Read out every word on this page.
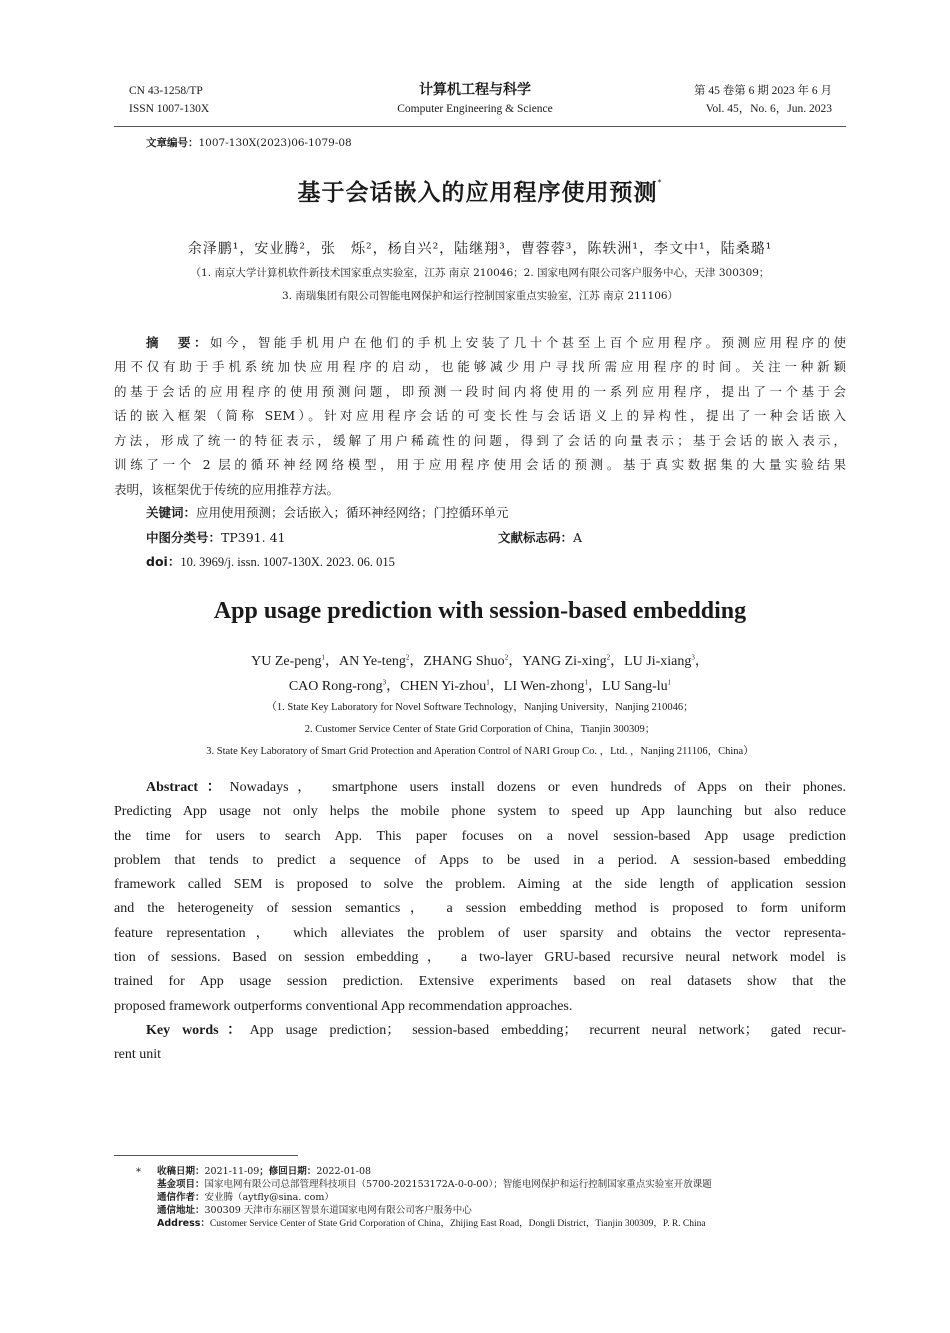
CN 43-1258/TP
ISSN 1007-130X
计算机工程与科学
Computer Engineering & Science
第 45 卷第 6 期 2023 年 6 月
Vol. 45，No. 6，Jun. 2023
文章编号：1007-130X(2023)06-1079-08
基于会话嵌入的应用程序使用预测*
余泽鹏¹，安业腾²，张　烁²，杨自兴²，陆继翔³，曹蓉蓉³，陈轶洲¹，李文中¹，陆桑璐¹
（1. 南京大学计算机软件新技术国家重点实验室，江苏 南京 210046；2. 国家电网有限公司客户服务中心，天津 300309；
3. 南瑞集团有限公司智能电网保护和运行控制国家重点实验室，江苏 南京 211106）
摘　要：如今，智能手机用户在他们的手机上安装了几十个甚至上百个应用程序。预测应用程序的使
用不仅有助于手机系统加快应用程序的启动，也能够减少用户寻找所需应用程序的时间。关注一种新颖
的基于会话的应用程序的使用预测问题，即预测一段时间内将使用的一系列应用程序，提出了一个基于会
话的嵌入框架（简称 SEM）。针对应用程序会话的可变长性与会话语义上的异构性，提出了一种会话嵌入
方法，形成了统一的特征表示，缓解了用户稀疏性的问题，得到了会话的向量表示；基于会话的嵌入表示，
训练了一个 2 层的循环神经网络模型，用于应用程序使用会话的预测。基于真实数据集的大量实验结果
表明，该框架优于传统的应用推荐方法。
关键词：应用使用预测；会话嵌入；循环神经网络；门控循环单元
中图分类号：TP391. 41	文献标志码：A
doi：10. 3969/j. issn. 1007-130X. 2023. 06. 015
App usage prediction with session-based embedding
YU Ze-peng$^1$，AN Ye-teng$^2$，ZHANG Shuo$^2$，YANG Zi-xing$^2$，LU Ji-xiang$^3$，
CAO Rong-rong$^3$，CHEN Yi-zhou$^1$，LI Wen-zhong$^1$，LU Sang-$lu^1$
（1. State Key Laboratory for Novel Software Technology，Nanjing University，Nanjing 210046；
2. Customer Service Center of State Grid Corporation of China，Tianjin 300309；
3. State Key Laboratory of Smart Grid Protection and Aperation Control of NARI Group Co. ，Ltd. ，Nanjing 211106，China）
Abstract：Nowadays， smartphone users install dozens or even hundreds of Apps on their phones.
Predicting App usage not only helps the mobile phone system to speed up App launching but also reduce
the time for users to search App. This paper focuses on a novel session-based App usage prediction
problem that tends to predict a sequence of Apps to be used in a period. A session-based embedding
framework called SEM is proposed to solve the problem. Aiming at the side length of application session
and the heterogeneity of session semantics， a session embedding method is proposed to form uniform
feature representation， which alleviates the problem of user sparsity and obtains the vector representa-
tion of sessions. Based on session embedding， a two-layer GRU-based recursive neural network model is
trained for App usage session prediction. Extensive experiments based on real datasets show that the
proposed framework outperforms conventional App recommendation approaches.
Key words：App usage prediction； session-based embedding； recurrent neural network； gated recur-
rent unit
* 收稿日期：2021-11-09；修回日期：2022-01-08
基金项目：国家电网有限公司总部管理科技项目（5700-202153172A-0-0-00）；智能电网保护和运行控制国家重点实验室开放课题
通信作者：安业腾（aytfly@sina. com）
通信地址：300309 天津市东丽区智景东道国家电网有限公司客户服务中心
Address：Customer Service Center of State Grid Corporation of China，Zhijing East Road，Dongli District，Tianjin 300309，P. R. China
